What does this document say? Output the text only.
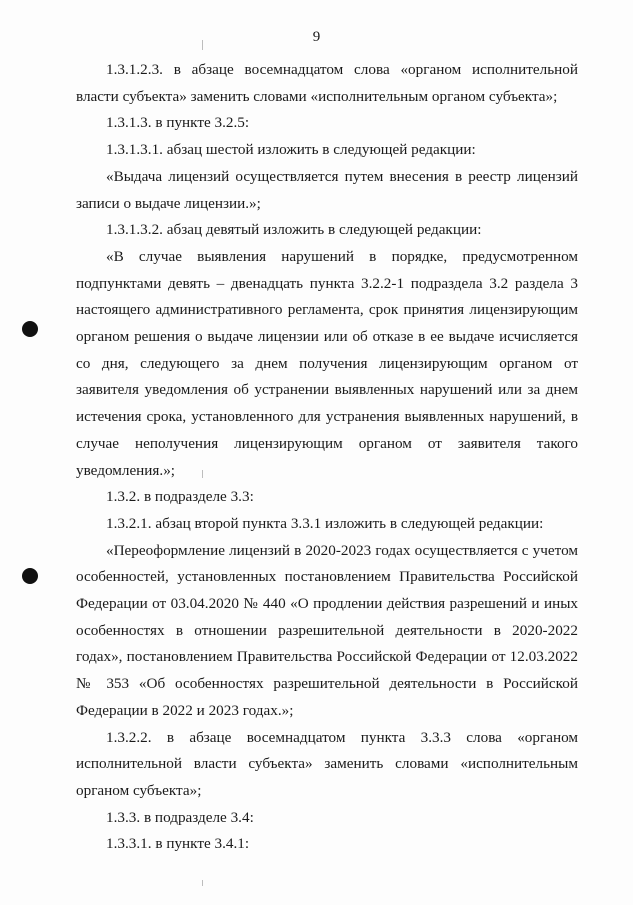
9

1.3.1.2.3. в абзаце восемнадцатом слова «органом исполнительной власти субъекта» заменить словами «исполнительным органом субъекта»;

1.3.1.3. в пункте 3.2.5:

1.3.1.3.1. абзац шестой изложить в следующей редакции:

«Выдача лицензий осуществляется путем внесения в реестр лицензий записи о выдаче лицензии.»;

1.3.1.3.2. абзац девятый изложить в следующей редакции:

«В случае выявления нарушений в порядке, предусмотренном подпунктами девять – двенадцать пункта 3.2.2-1 подраздела 3.2 раздела 3 настоящего административного регламента, срок принятия лицензирующим органом решения о выдаче лицензии или об отказе в ее выдаче исчисляется со дня, следующего за днем получения лицензирующим органом от заявителя уведомления об устранении выявленных нарушений или за днем истечения срока, установленного для устранения выявленных нарушений, в случае неполучения лицензирующим органом от заявителя такого уведомления.»;

1.3.2. в подразделе 3.3:

1.3.2.1. абзац второй пункта 3.3.1 изложить в следующей редакции:

«Переоформление лицензий в 2020-2023 годах осуществляется с учетом особенностей, установленных постановлением Правительства Российской Федерации от 03.04.2020 № 440 «О продлении действия разрешений и иных особенностях в отношении разрешительной деятельности в 2020-2022 годах», постановлением Правительства Российской Федерации от 12.03.2022 № 353 «Об особенностях разрешительной деятельности в Российской Федерации в 2022 и 2023 годах.»;

1.3.2.2. в абзаце восемнадцатом пункта 3.3.3 слова «органом исполнительной власти субъекта» заменить словами «исполнительным органом субъекта»;

1.3.3. в подразделе 3.4:

1.3.3.1. в пункте 3.4.1:
